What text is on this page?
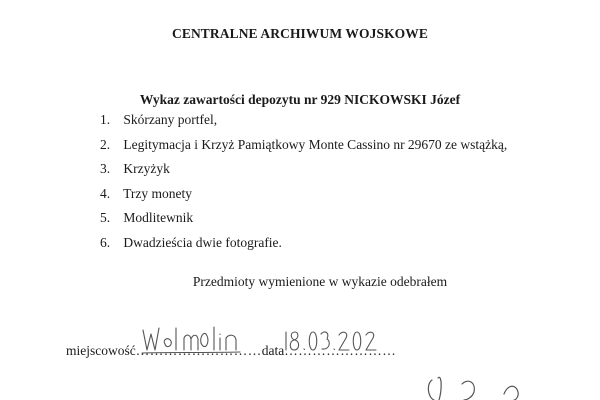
CENTRALNE ARCHIWUM WOJSKOWE
Wykaz zawartości depozytu nr 929 NICKOWSKI Józef
1. Skórzany portfel,
2. Legitymacja i Krzyż Pamiątkowy Monte Cassino nr 29670 ze wstążką,
3. Krzyżyk
4. Trzy monety
5. Modlitewnik
6. Dwadzieścia dwie fotografie.
Przedmioty wymienione w wykazie odebrałem
miejscowość………………………data……………………
